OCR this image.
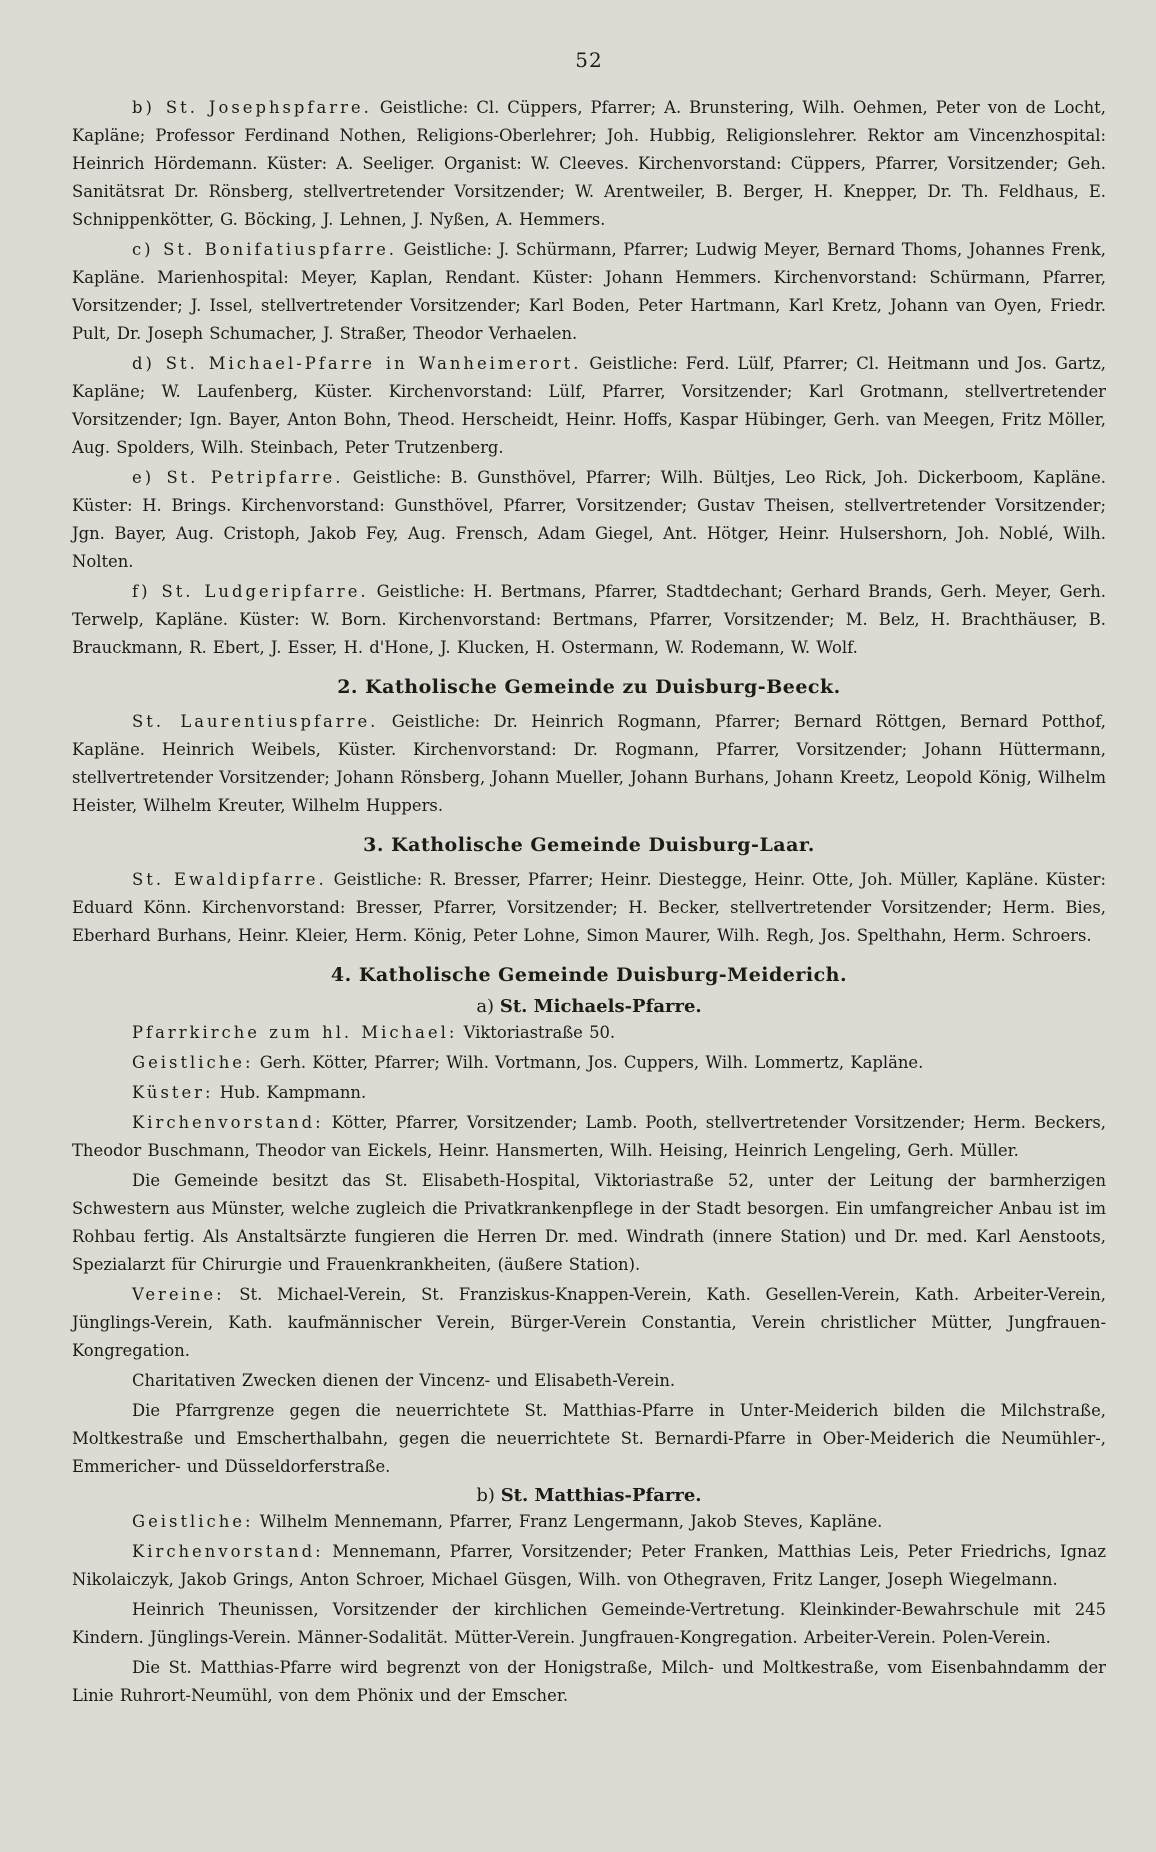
52

b) St. Josephspfarre. Geistliche: Cl. Cüppers, Pfarrer; A. Brunstering, Wilh. Oehmen, Peter von de Locht, Kapläne; Professor Ferdinand Nothen, Religions-Oberlehrer; Joh. Hubbig, Religionslehrer. Rektor am Vincenzhospital: Heinrich Hördemann. Küster: A. Seeliger. Organist: W. Cleeves. Kirchenvorstand: Cüppers, Pfarrer, Vorsitzender; Geh. Sanitätsrat Dr. Rönsberg, stellvertretender Vorsitzender; W. Arentweiler, B. Berger, H. Knepper, Dr. Th. Feldhaus, E. Schnippenkötter, G. Böcking, J. Lehnen, J. Nyßen, A. Hemmers.

c) St. Bonifatiuspfarre. Geistliche: J. Schürmann, Pfarrer; Ludwig Meyer, Bernard Thoms, Johannes Frenk, Kapläne. Marienhospital: Meyer, Kaplan, Rendant. Küster: Johann Hemmers. Kirchenvorstand: Schürmann, Pfarrer, Vorsitzender; J. Issel, stellvertretender Vorsitzender; Karl Boden, Peter Hartmann, Karl Kretz, Johann van Oyen, Friedr. Pult, Dr. Joseph Schumacher, J. Straßer, Theodor Verhaelen.

d) St. Michael-Pfarre in Wanheimerort. Geistliche: Ferd. Lülf, Pfarrer; Cl. Heitmann und Jos. Gartz, Kapläne; W. Laufenberg, Küster. Kirchenvorstand: Lülf, Pfarrer, Vorsitzender; Karl Grotmann, stellvertretender Vorsitzender; Ign. Bayer, Anton Bohn, Theod. Herscheidt, Heinr. Hoffs, Kaspar Hübinger, Gerh. van Meegen, Fritz Möller, Aug. Spolders, Wilh. Steinbach, Peter Trutzenberg.

e) St. Petripfarre. Geistliche: B. Gunsthövel, Pfarrer; Wilh. Bültjes, Leo Rick, Joh. Dickerboom, Kapläne. Küster: H. Brings. Kirchenvorstand: Gunsthövel, Pfarrer, Vorsitzender; Gustav Theisen, stellvertretender Vorsitzender; Jgn. Bayer, Aug. Cristoph, Jakob Fey, Aug. Frensch, Adam Giegel, Ant. Hötger, Heinr. Hulsershorn, Joh. Noblé, Wilh. Nolten.

f) St. Ludgeripfarre. Geistliche: H. Bertmans, Pfarrer, Stadtdechant; Gerhard Brands, Gerh. Meyer, Gerh. Terwelp, Kapläne. Küster: W. Born. Kirchenvorstand: Bertmans, Pfarrer, Vorsitzender; M. Belz, H. Brachthäuser, B. Brauckmann, R. Ebert, J. Esser, H. d'Hone, J. Klucken, H. Ostermann, W. Rodemann, W. Wolf.

2. Katholische Gemeinde zu Duisburg-Beeck.

St. Laurentiuspfarre. Geistliche: Dr. Heinrich Rogmann, Pfarrer; Bernard Röttgen, Bernard Potthof, Kapläne. Heinrich Weibels, Küster. Kirchenvorstand: Dr. Rogmann, Pfarrer, Vorsitzender; Johann Hüttermann, stellvertretender Vorsitzender; Johann Rönsberg, Johann Mueller, Johann Burhans, Johann Kreetz, Leopold König, Wilhelm Heister, Wilhelm Kreuter, Wilhelm Huppers.

3. Katholische Gemeinde Duisburg-Laar.

St. Ewaldipfarre. Geistliche: R. Bresser, Pfarrer; Heinr. Diestegge, Heinr. Otte, Joh. Müller, Kapläne. Küster: Eduard Könn. Kirchenvorstand: Bresser, Pfarrer, Vorsitzender; H. Becker, stellvertretender Vorsitzender; Herm. Bies, Eberhard Burhans, Heinr. Kleier, Herm. König, Peter Lohne, Simon Maurer, Wilh. Regh, Jos. Spelthahn, Herm. Schroers.

4. Katholische Gemeinde Duisburg-Meiderich.
a) St. Michaels-Pfarre.

Pfarrkirche zum hl. Michael: Viktoriastraße 50.

Geistliche: Gerh. Kötter, Pfarrer; Wilh. Vortmann, Jos. Cuppers, Wilh. Lommertz, Kapläne.

Küster: Hub. Kampmann.

Kirchenvorstand: Kötter, Pfarrer, Vorsitzender; Lamb. Pooth, stellvertretender Vorsitzender; Herm. Beckers, Theodor Buschmann, Theodor van Eickels, Heinr. Hansmerten, Wilh. Heising, Heinrich Lengeling, Gerh. Müller.

Die Gemeinde besitzt das St. Elisabeth-Hospital, Viktoriastraße 52, unter der Leitung der barmherzigen Schwestern aus Münster, welche zugleich die Privatkrankenpflege in der Stadt besorgen. Ein umfangreicher Anbau ist im Rohbau fertig. Als Anstaltsärzte fungieren die Herren Dr. med. Windrath (innere Station) und Dr. med. Karl Aenstoots, Spezialarzt für Chirurgie und Frauenkrankheiten, (äußere Station).

Vereine: St. Michael-Verein, St. Franziskus-Knappen-Verein, Kath. Gesellen-Verein, Kath. Arbeiter-Verein, Jünglings-Verein, Kath. kaufmännischer Verein, Bürger-Verein Constantia, Verein christlicher Mütter, Jungfrauen-Kongregation.

Charitativen Zwecken dienen der Vincenz- und Elisabeth-Verein.

Die Pfarrgrenze gegen die neuerrichtete St. Matthias-Pfarre in Unter-Meiderich bilden die Milchstraße, Moltkestraße und Emscherthalbahn, gegen die neuerrichtete St. Bernardi-Pfarre in Ober-Meiderich die Neumühler-, Emmericher- und Düsseldorferstraße.

b) St. Matthias-Pfarre.

Geistliche: Wilhelm Mennemann, Pfarrer, Franz Lengermann, Jakob Steves, Kapläne.

Kirchenvorstand: Mennemann, Pfarrer, Vorsitzender; Peter Franken, Matthias Leis, Peter Friedrichs, Ignaz Nikolaiczyk, Jakob Grings, Anton Schroer, Michael Güsgen, Wilh. von Othegraven, Fritz Langer, Joseph Wiegelmann.

Heinrich Theunissen, Vorsitzender der kirchlichen Gemeinde-Vertretung. Kleinkinder-Bewahrschule mit 245 Kindern. Jünglings-Verein. Männer-Sodalität. Mütter-Verein. Jungfrauen-Kongregation. Arbeiter-Verein. Polen-Verein.

Die St. Matthias-Pfarre wird begrenzt von der Honigstraße, Milch- und Moltkestraße, vom Eisenbahndamm der Linie Ruhrort-Neumühl, von dem Phönix und der Emscher.
